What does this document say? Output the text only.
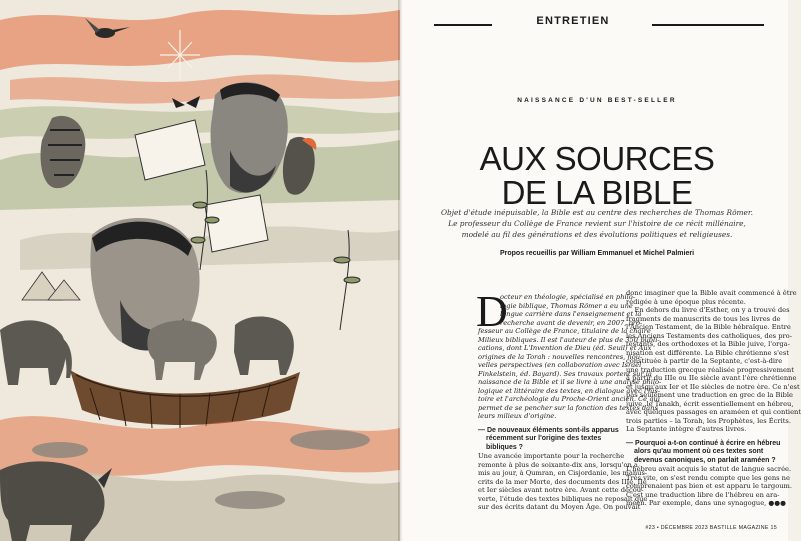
© RALPH SUEL
ENTRETIEN
NAISSANCE D'UN BEST-SELLER
AUX SOURCES
DE LA BIBLE
Objet d'étude inépuisable, la Bible est au centre des recherches de Thomas Römer.
Le professeur du Collège de France revient sur l'histoire de ce récit millénaire,
modelé au fil des générations et des évolutions politiques et religieuses.
Propos recueillis par William Emmanuel et Michel Palmieri
D
octeur en théologie, spécialisé en philo-
logie biblique, Thomas Römer a eu une
longue carrière dans l'enseignement et la
recherche avant de devenir, en 2007, pro-
fesseur au Collège de France, titulaire de la chaire
Milieux bibliques. Il est l'auteur de plus de 350 publi-
cations, dont L'Invention de Dieu (éd. Seuil) et Aux
origines de la Torah : nouvelles rencontres, nou-
velles perspectives (en collaboration avec Israël
Finkelstein, éd. Bayard). Ses travaux portent sur la
naissance de la Bible et il se livre à une analyse philo-
logique et littéraire des textes, en dialogue avec l'his-
toire et l'archéologie du Proche-Orient ancien. Ce qui
permet de se pencher sur la fonction des textes dans
leurs milieux d'origine.
— De nouveaux éléments sont-ils apparus
récemment sur l'origine des textes
bibliques ?
Une avancée importante pour la recherche
remonte à plus de soixante-dix ans, lorsqu'on a
mis au jour, à Qumran, en Cisjordanie, les manus-
crits de la mer Morte, des documents des IIIe, IIe
et Ier siècles avant notre ère. Avant cette décou-
verte, l'étude des textes bibliques ne reposait que
sur des écrits datant du Moyen Âge. On pouvait
donc imaginer que la Bible avait commencé à être
rédigée à une époque plus récente.
En dehors du livre d'Esther, on y a trouvé des
fragments de manuscrits de tous les livres de
l'Ancien Testament, de la Bible hébraïque. Entre
les Anciens Testaments des catholiques, des pro-
testants, des orthodoxes et la Bible juive, l'orga-
nisation est différente. La Bible chrétienne s'est
constituée à partir de la Septante, c'est-à-dire
une traduction grecque réalisée progressivement
à partir du IIIe ou IIe siècle avant l'ère chrétienne
et jusqu'aux Ier et IIe siècles de notre ère. Ce n'est
pas seulement une traduction en grec de la Bible
juive, le Tanakh, écrit essentiellement en hébreu,
avec quelques passages en araméen et qui contient
trois parties – la Torah, les Prophètes, les Écrits.
La Septante intègre d'autres livres.
— Pourquoi a-t-on continué à écrire en hébreu
alors qu'au moment où ces textes sont
devenus canoniques, on parlait araméen ?
L'hébreu avait acquis le statut de langue sacrée.
Très vite, on s'est rendu compte que les gens ne
comprenaient pas bien et est apparu le targoum.
C'est une traduction libre de l'hébreu en ara-
méen. Par exemple, dans une synagogue, ●●●
#23 • DÉCEMBRE 2023 BASTILLE MAGAZINE 15
